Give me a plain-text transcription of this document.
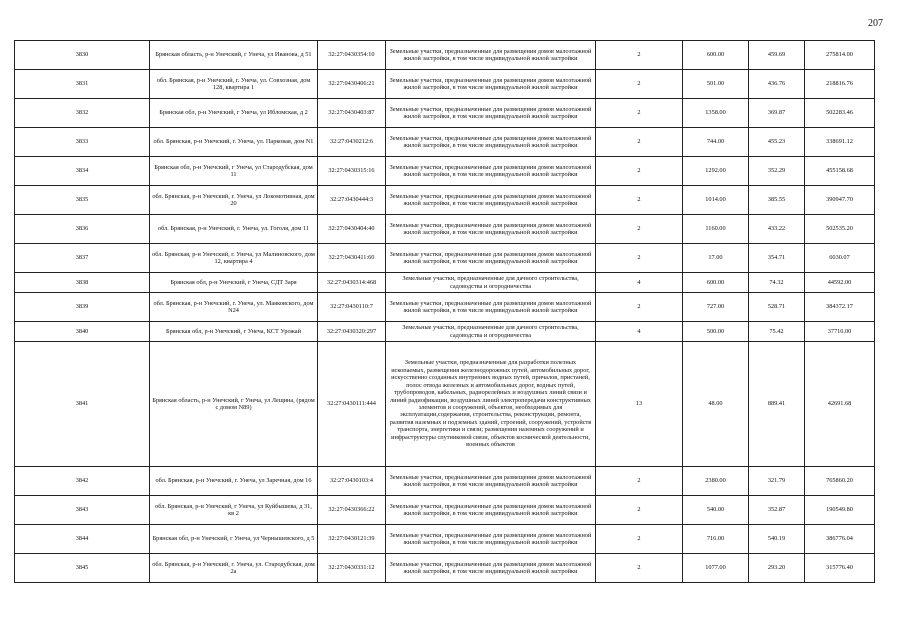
207
3830	Брянская область, р-н Унечский, г Унеча, ул Иванова, д 51	32:27:0430354:10	Земельные участки, предназначенные для размещения домов малоэтажной жилой застройки, в том числе индивидуальной жилой застройки	2	600.00	459.69	275814.00
3831	обл. Брянская, р-н Унечский, г. Унеча, ул. Совхозная, дом 128, квартира 1	32:27:0430406:21	Земельные участки, предназначенные для размещения домов малоэтажной жилой застройки, в том числе индивидуальной жилой застройки	2	501.00	436.76	218816.76
3832	Брянская обл, р-н Унечский, г Унеча, ул Ибломская, д 2	32:27:0430403:87	Земельные участки, предназначенные для размещения домов малоэтажной жилой застройки, в том числе индивидуальной жилой застройки	2	1358.00	369.87	502283.46
3833	обл. Брянская, р-н Унечский, г. Унеча, ул. Парковая, дом N1	32:27:0430212:6	Земельные участки, предназначенные для размещения домов малоэтажной жилой застройки, в том числе индивидуальной жилой застройки	2	744.00	455.23	338691.12
3834	Брянская обл, р-н Унечский, г Унеча, ул Стародубская, дом 11	32:27:0430315:16	Земельные участки, предназначенные для размещения домов малоэтажной жилой застройки, в том числе индивидуальной жилой застройки	2	1292.00	352.29	455158.68
3835	обл. Брянская, р-н Унечский, г. Унеча, ул Локомотивная, дом 20	32:27:0430444:3	Земельные участки, предназначенные для размещения домов малоэтажной жилой застройки, в том числе индивидуальной жилой застройки	2	1014.00	385.55	390947.70
3836	обл. Брянская, р-н Унечский, г. Унеча, ул. Гоголя, дом 11	32:27:0430404:40	Земельные участки, предназначенные для размещения домов малоэтажной жилой застройки, в том числе индивидуальной жилой застройки	2	1160.00	433.22	502535.20
3837	обл. Брянская, р-н Унечский, г. Унеча, ул Малиновского, дом 12, квартира 4	32:27:0430411:60	Земельные участки, предназначенные для размещения домов малоэтажной жилой застройки, в том числе индивидуальной жилой застройки	2	17.00	354.71	6030.07
3838	Брянская обл, р-н Унечский, г Унеча, СДТ Заря	32:27:0430314:468	Земельные участки, предназначенные для дачного строительства, садоводства и огородничества	4	600.00	74.32	44592.00
3839	обл. Брянская, р-н Унечский, г. Унеча, ул. Маяковского, дом N24	32:27:0430110:7	Земельные участки, предназначенные для размещения домов малоэтажной жилой застройки, в том числе индивидуальной жилой застройки	2	727.00	528.71	384372.17
3840	Брянская обл, р-н Унечский, г Унеча, КСТ Урожай	32:27:0430320:297	Земельные участки, предназначенные для дачного строительства, садоводства и огородничества	4	500.00	75.42	37710.00
3841	Брянская область, р-н Унечский, г Унеча, ул Лещина, (рядом с домом N89)	32:27:0430111:444	Земельные участки, предназначенные для разработки полезных ископаемых, размещения железнодорожных путей, автомобильных дорог, искусственно созданных внутренних водных путей, причалов, пристаней, полос отвода железных и автомобильных дорог, водных путей, трубопроводов, кабельных, радиорелейных и воздушных линий связи и линий радиофикации, воздушных линий электропередачи конструктивных элементов и сооружений, объектов, необходимых для эксплуатации,содержания, строительства, реконструкции, ремонта, развития наземных и подземных зданий, строений, сооружений, устройств транспорта, энергетики и связи; размещения наземных сооружений и инфраструктуры спутниковой связи, объектов космической деятельности, военных объектов	13	48.00	889.41	42691.68
3842	обл. Брянская, р-н Унечский, г. Унеча, ул Заречная, дом 16	32:27:0430103:4	Земельные участки, предназначенные для размещения домов малоэтажной жилой застройки, в том числе индивидуальной жилой застройки	2	2380.00	321.79	765860.20
3843	обл. Брянская, р-н Унечский, г Унеча, ул Куйбышева, д 31, кв 2	32:27:0430366:22	Земельные участки, предназначенные для размещения домов малоэтажной жилой застройки, в том числе индивидуальной жилой застройки	2	540.00	352.87	190549.80
3844	Брянская обл, р-н Унечский, г Унеча, ул Чернышевского, д 5	32:27:0430121:39	Земельные участки, предназначенные для размещения домов малоэтажной жилой застройки, в том числе индивидуальной жилой застройки	2	716.00	540.19	386776.04
3845	обл. Брянская, р-н Унечский, г. Унеча, ул. Стародубская, дом 2а	32:27:0430331:12	Земельные участки, предназначенные для размещения домов малоэтажной жилой застройки, в том числе индивидуальной жилой застройки	2	1077.00	293.20	315776.40
